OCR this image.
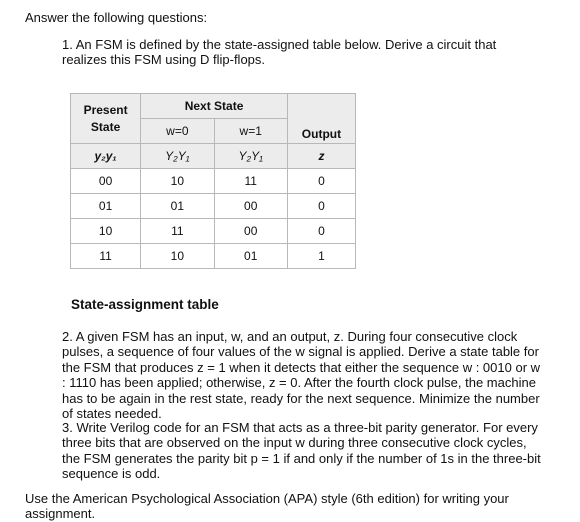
Answer the following questions:
1. An FSM is defined by the state-assigned table below. Derive a circuit that
realizes this FSM using D flip-flops.
Present State	Next State		Output
	w=0	w=1	
y₂y₁	Y₂Y₁	Y₂Y₁	z
00	10	11	0
01	01	00	0
10	11	00	0
11	10	01	1
State-assignment table
2. A given FSM has an input, w, and an output, z. During four consecutive clock pulses, a sequence of four values of the w signal is applied. Derive a state table for the FSM that produces z = 1 when it detects that either the sequence w : 0010 or w : 1110 has been applied; otherwise, z = 0. After the fourth clock pulse, the machine has to be again in the rest state, ready for the next sequence. Minimize the number of states needed.
3. Write Verilog code for an FSM that acts as a three-bit parity generator. For every three bits that are observed on the input w during three consecutive clock cycles, the FSM generates the parity bit p = 1 if and only if the number of 1s in the three-bit sequence is odd.
Use the American Psychological Association (APA) style (6th edition) for writing your assignment.
